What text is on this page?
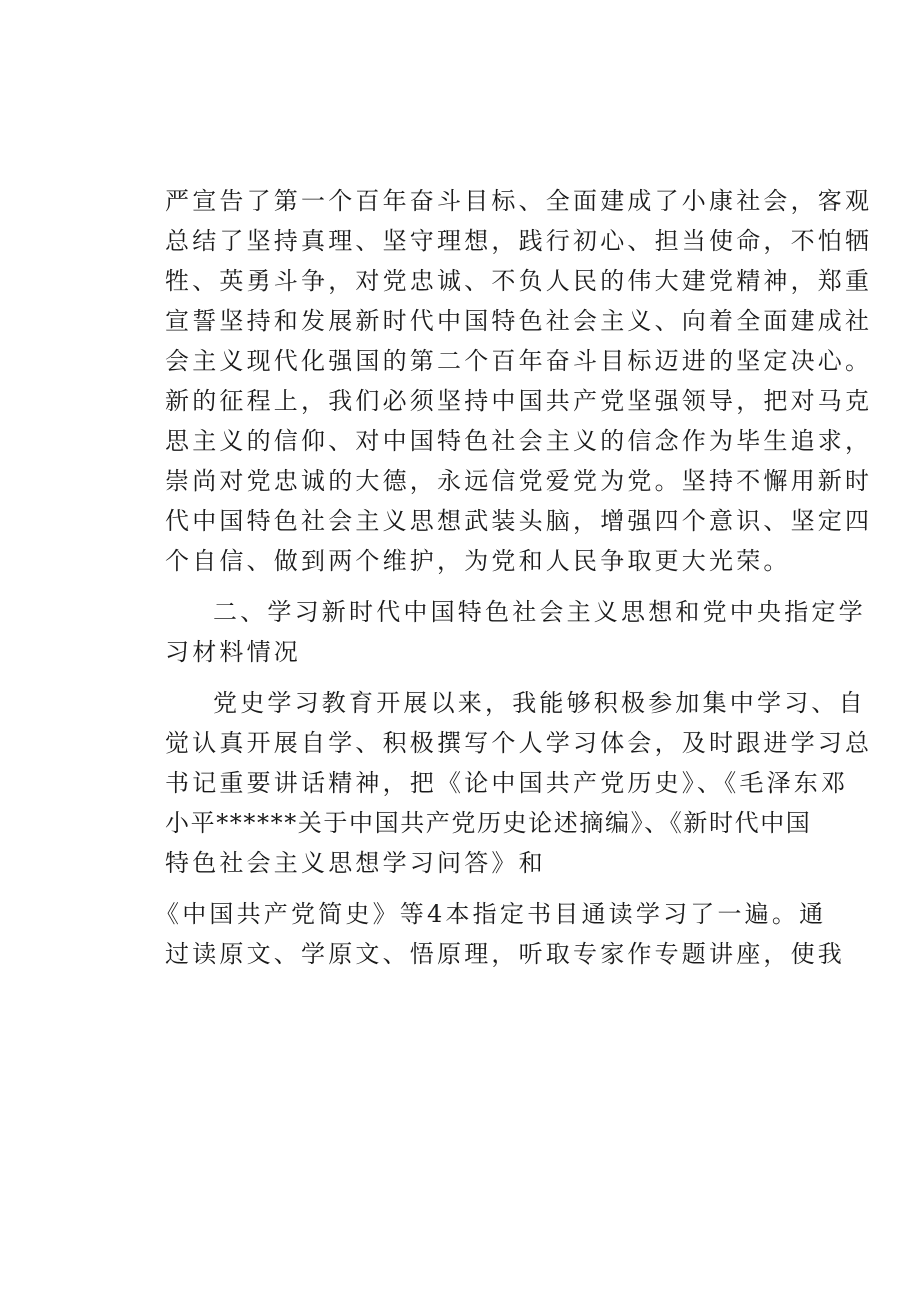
严宣告了第一个百年奋斗目标、全面建成了小康社会，客观
总结了坚持真理、坚守理想，践行初心、担当使命，不怕牺
牲、英勇斗争，对党忠诚、不负人民的伟大建党精神，郑重
宣誓坚持和发展新时代中国特色社会主义、向着全面建成社
会主义现代化强国的第二个百年奋斗目标迈进的坚定决心。
新的征程上，我们必须坚持中国共产党坚强领导，把对马克
思主义的信仰、对中国特色社会主义的信念作为毕生追求，
崇尚对党忠诚的大德，永远信党爱党为党。坚持不懈用新时
代中国特色社会主义思想武装头脑，增强四个意识、坚定四
个自信、做到两个维护，为党和人民争取更大光荣。
二、学习新时代中国特色社会主义思想和党中央指定学
习材料情况
党史学习教育开展以来，我能够积极参加集中学习、自
觉认真开展自学、积极撰写个人学习体会，及时跟进学习总
书记重要讲话精神，把《论中国共产党历史》、《毛泽东邓
小平******关于中国共产党历史论述摘编》、《新时代中国
特色社会主义思想学习问答》和
《中国共产党简史》等4本指定书目通读学习了一遍。通
过读原文、学原文、悟原理，听取专家作专题讲座，使我
